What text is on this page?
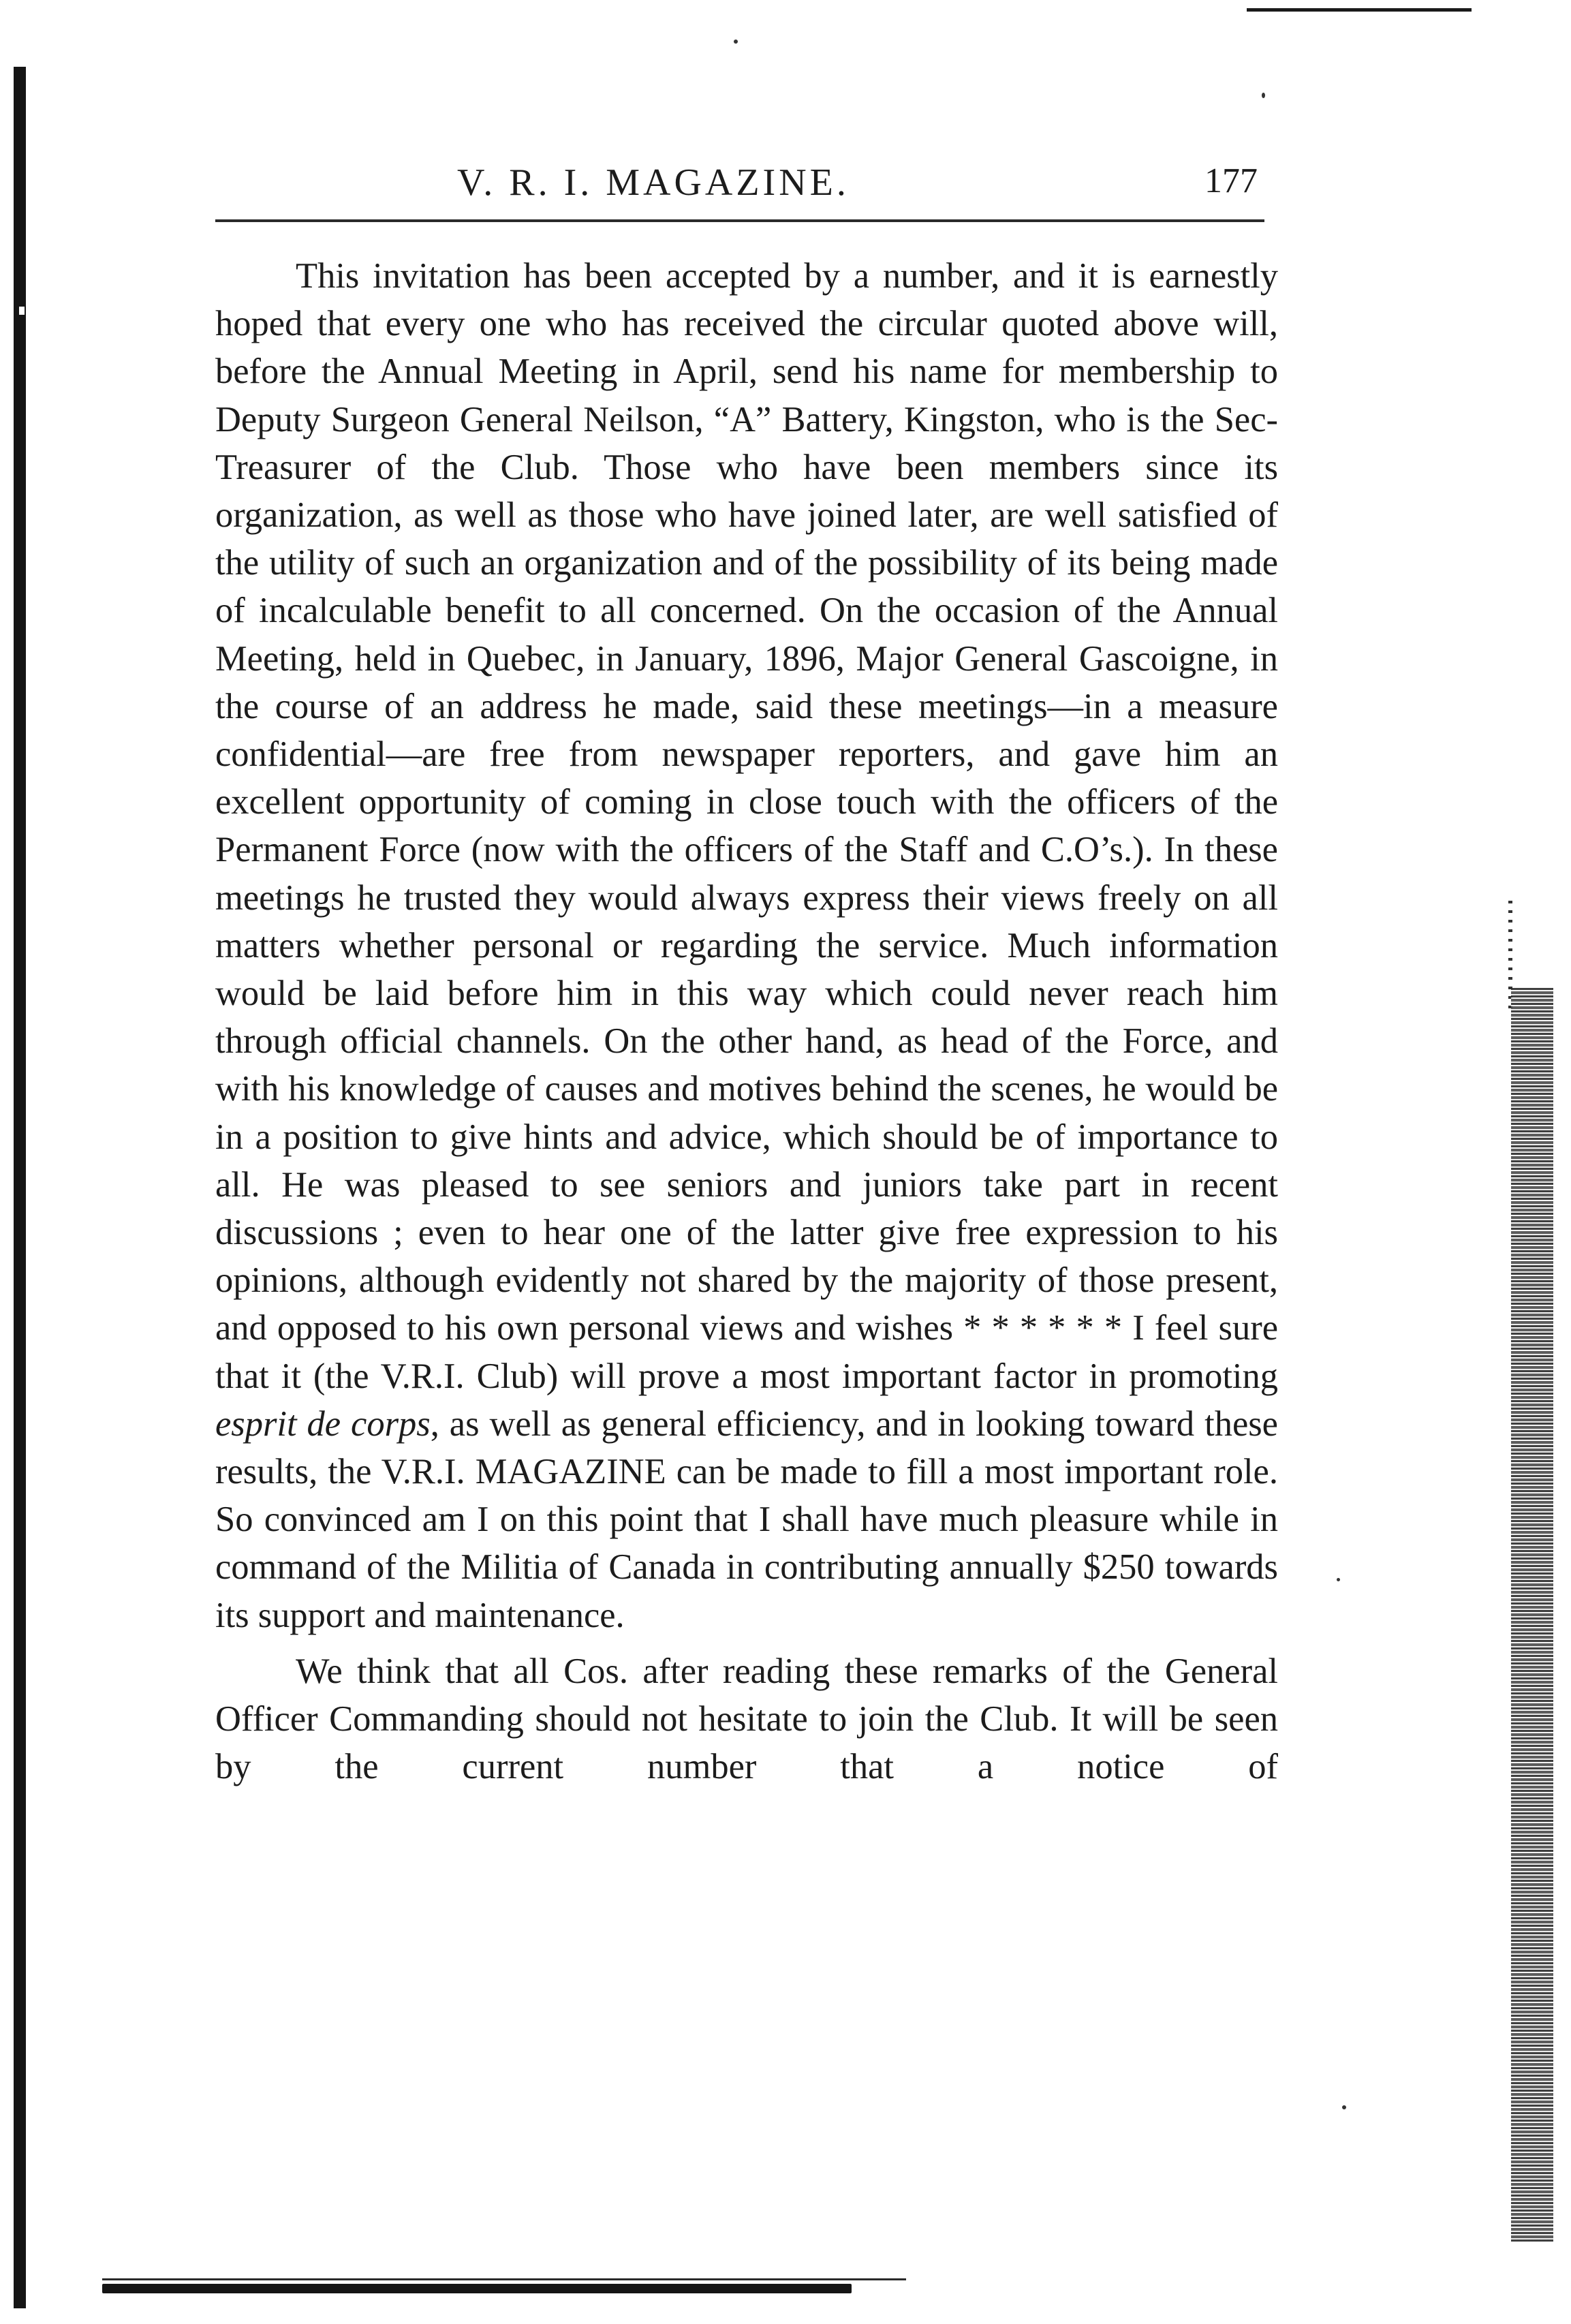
V. R. I. MAGAZINE.	177

This invitation has been accepted by a number, and it is earnestly hoped that every one who has received the circular quoted above will, before the Annual Meeting in April, send his name for membership to Deputy Surgeon General Neilson, “A” Battery, Kingston, who is the Sec-Treasurer of the Club. Those who have been members since its organization, as well as those who have joined later, are well satisfied of the utility of such an organization and of the possibility of its being made of incalculable benefit to all concerned. On the occasion of the Annual Meeting, held in Quebec, in January, 1896, Major General Gascoigne, in the course of an address he made, said these meetings—in a measure confidential—are free from newspaper reporters, and gave him an excellent opportunity of coming in close touch with the officers of the Permanent Force (now with the officers of the Staff and C.O’s.). In these meetings he trusted they would always express their views freely on all matters whether personal or regarding the service. Much information would be laid before him in this way which could never reach him through official channels. On the other hand, as head of the Force, and with his knowledge of causes and motives behind the scenes, he would be in a position to give hints and advice, which should be of importance to all. He was pleased to see seniors and juniors take part in recent discussions ; even to hear one of the latter give free expression to his opinions, although evidently not shared by the majority of those present, and opposed to his own personal views and wishes * * * * * * I feel sure that it (the V.R.I. Club) will prove a most important factor in promoting esprit de corps, as well as general efficiency, and in looking toward these results, the V.R.I. MAGAZINE can be made to fill a most important role. So convinced am I on this point that I shall have much pleasure while in command of the Militia of Canada in contributing annually $250 towards its support and maintenance.

We think that all Cos. after reading these remarks of the General Officer Commanding should not hesitate to join the Club. It will be seen by the current number that a notice of
